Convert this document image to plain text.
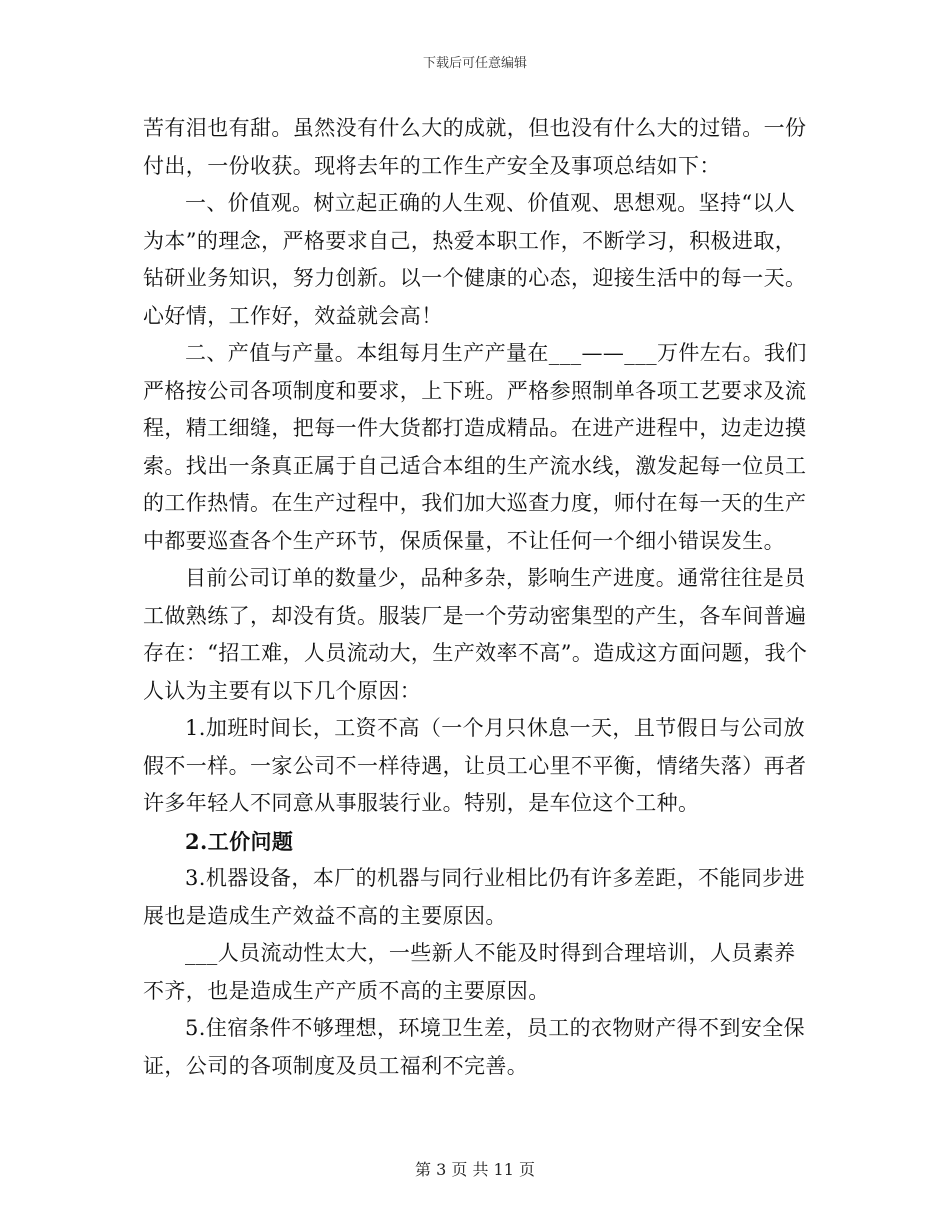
下载后可任意编辑

苦有泪也有甜。虽然没有什么大的成就，但也没有什么大的过错。一份付出，一份收获。现将去年的工作生产安全及事项总结如下：

一、价值观。树立起正确的人生观、价值观、思想观。坚持“以人为本”的理念，严格要求自己，热爱本职工作，不断学习，积极进取，钻研业务知识，努力创新。以一个健康的心态，迎接生活中的每一天。心好情，工作好，效益就会高！

二、产值与产量。本组每月生产产量在___——___万件左右。我们严格按公司各项制度和要求，上下班。严格参照制单各项工艺要求及流程，精工细缝，把每一件大货都打造成精品。在进产进程中，边走边摸索。找出一条真正属于自己适合本组的生产流水线，激发起每一位员工的工作热情。在生产过程中，我们加大巡查力度，师付在每一天的生产中都要巡查各个生产环节，保质保量，不让任何一个细小错误发生。

目前公司订单的数量少，品种多杂，影响生产进度。通常往往是员工做熟练了，却没有货。服装厂是一个劳动密集型的产生，各车间普遍存在：“招工难，人员流动大，生产效率不高”。造成这方面问题，我个人认为主要有以下几个原因：

1.加班时间长，工资不高（一个月只休息一天，且节假日与公司放假不一样。一家公司不一样待遇，让员工心里不平衡，情绪失落）再者许多年轻人不同意从事服装行业。特别，是车位这个工种。

2.工价问题

3.机器设备，本厂的机器与同行业相比仍有许多差距，不能同步进展也是造成生产效益不高的主要原因。

___人员流动性太大，一些新人不能及时得到合理培训，人员素养不齐，也是造成生产产质不高的主要原因。

5.住宿条件不够理想，环境卫生差，员工的衣物财产得不到安全保证，公司的各项制度及员工福利不完善。

第 3 页 共 11 页
